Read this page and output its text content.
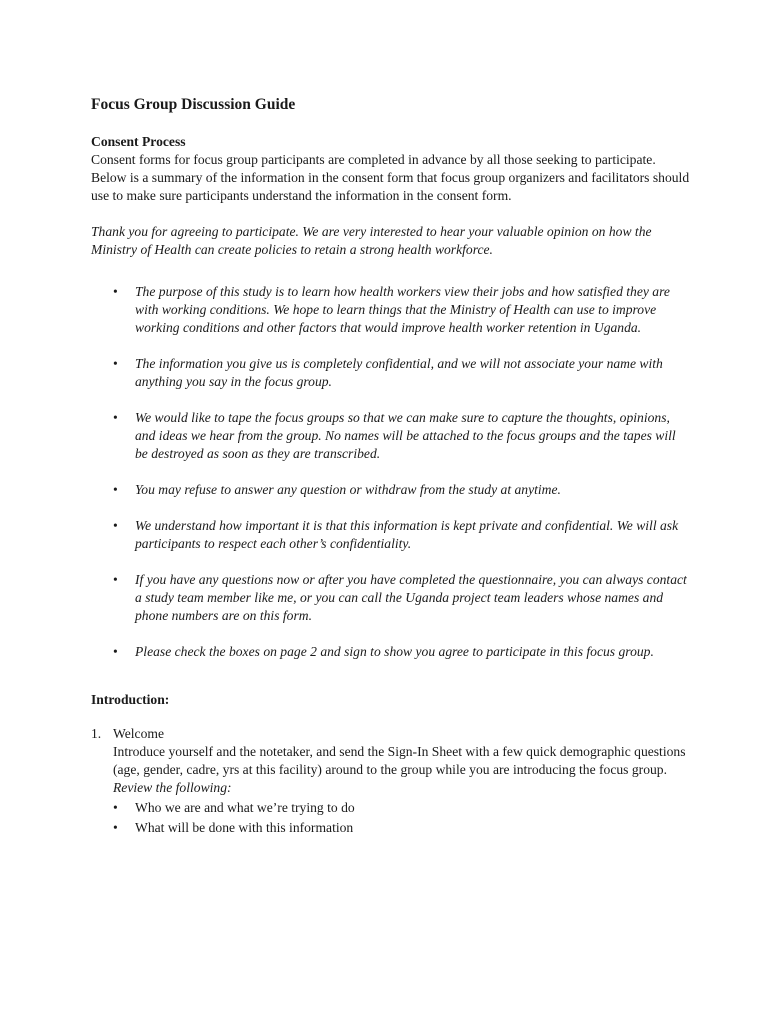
Focus Group Discussion Guide

Consent Process

Consent forms for focus group participants are completed in advance by all those seeking to participate. Below is a summary of the information in the consent form that focus group organizers and facilitators should use to make sure participants understand the information in the consent form.

Thank you for agreeing to participate. We are very interested to hear your valuable opinion on how the Ministry of Health can create policies to retain a strong health workforce.

• The purpose of this study is to learn how health workers view their jobs and how satisfied they are with working conditions. We hope to learn things that the Ministry of Health can use to improve working conditions and other factors that would improve health worker retention in Uganda.
• The information you give us is completely confidential, and we will not associate your name with anything you say in the focus group.
• We would like to tape the focus groups so that we can make sure to capture the thoughts, opinions, and ideas we hear from the group. No names will be attached to the focus groups and the tapes will be destroyed as soon as they are transcribed.
• You may refuse to answer any question or withdraw from the study at anytime.
• We understand how important it is that this information is kept private and confidential. We will ask participants to respect each other’s confidentiality.
• If you have any questions now or after you have completed the questionnaire, you can always contact a study team member like me, or you can call the Uganda project team leaders whose names and phone numbers are on this form.
• Please check the boxes on page 2 and sign to show you agree to participate in this focus group.

Introduction:

1. Welcome

Introduce yourself and the notetaker, and send the Sign-In Sheet with a few quick demographic questions (age, gender, cadre, yrs at this facility) around to the group while you are introducing the focus group.

Review the following:

• Who we are and what we’re trying to do
• What will be done with this information
